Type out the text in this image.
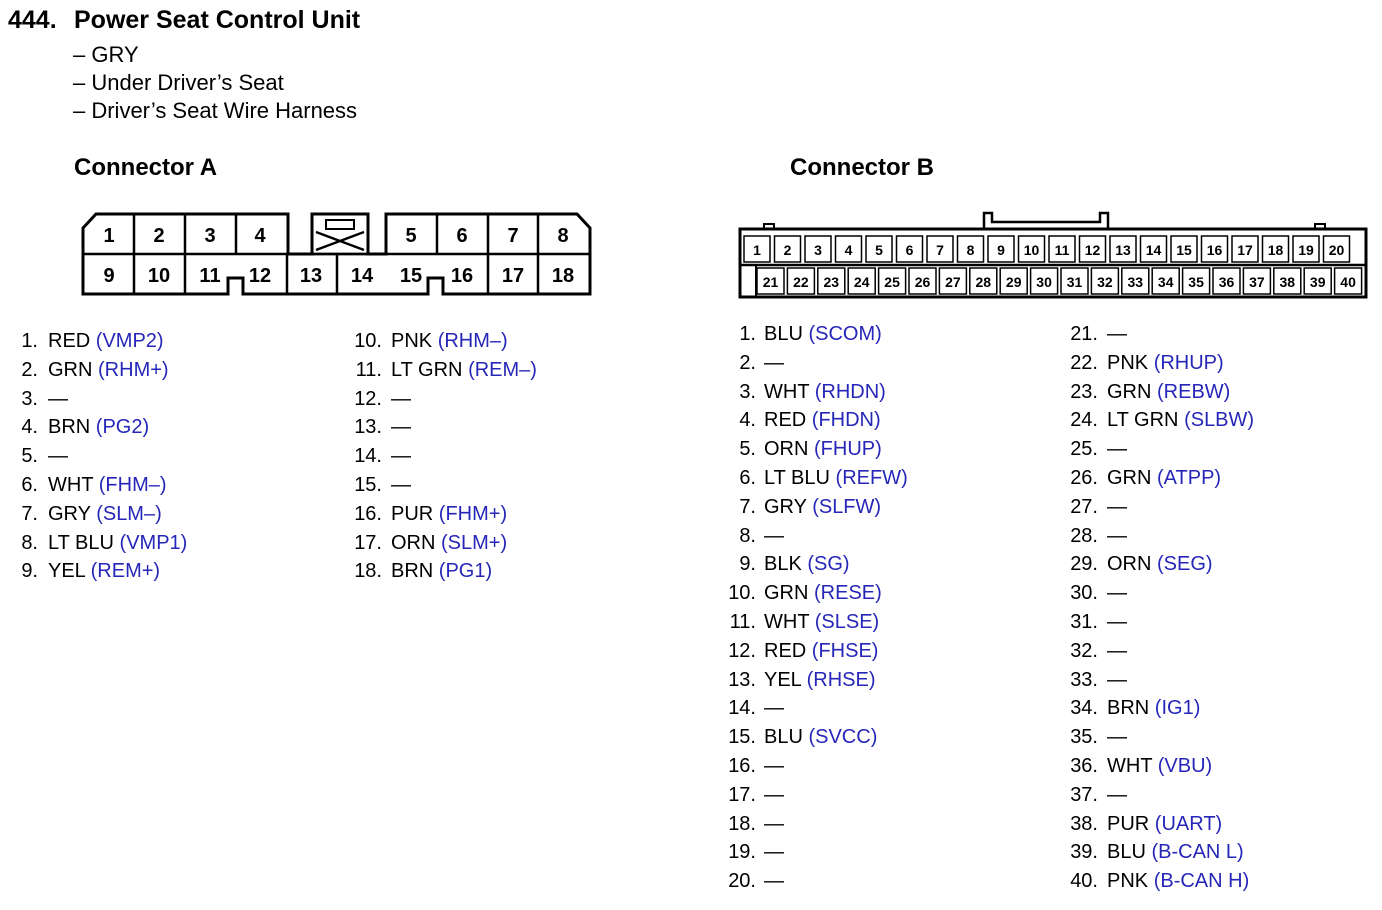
444. Power Seat Control Unit
– GRY
– Under Driver’s Seat
– Driver’s Seat Wire Harness
Connector A	Connector B
1 2 3 4	5 6 7 8
9 10 11 12 13 14 15 16 17 18
1 2 3 4 5 6 7 8 9 10 11 12 13 14 15 16 17 18 19 20
21 22 23 24 25 26 27 28 29 30 31 32 33 34 35 36 37 38 39 40
1. RED (VMP2)
2. GRN (RHM+)
3. —
4. BRN (PG2)
5. —
6. WHT (FHM–)
7. GRY (SLM–)
8. LT BLU (VMP1)
9. YEL (REM+)
10. PNK (RHM–)
11. LT GRN (REM–)
12. —
13. —
14. —
15. —
16. PUR (FHM+)
17. ORN (SLM+)
18. BRN (PG1)
1. BLU (SCOM)
2. —
3. WHT (RHDN)
4. RED (FHDN)
5. ORN (FHUP)
6. LT BLU (REFW)
7. GRY (SLFW)
8. —
9. BLK (SG)
10. GRN (RESE)
11. WHT (SLSE)
12. RED (FHSE)
13. YEL (RHSE)
14. —
15. BLU (SVCC)
16. —
17. —
18. —
19. —
20. —
21. —
22. PNK (RHUP)
23. GRN (REBW)
24. LT GRN (SLBW)
25. —
26. GRN (ATPP)
27. —
28. —
29. ORN (SEG)
30. —
31. —
32. —
33. —
34. BRN (IG1)
35. —
36. WHT (VBU)
37. —
38. PUR (UART)
39. BLU (B-CAN L)
40. PNK (B-CAN H)
